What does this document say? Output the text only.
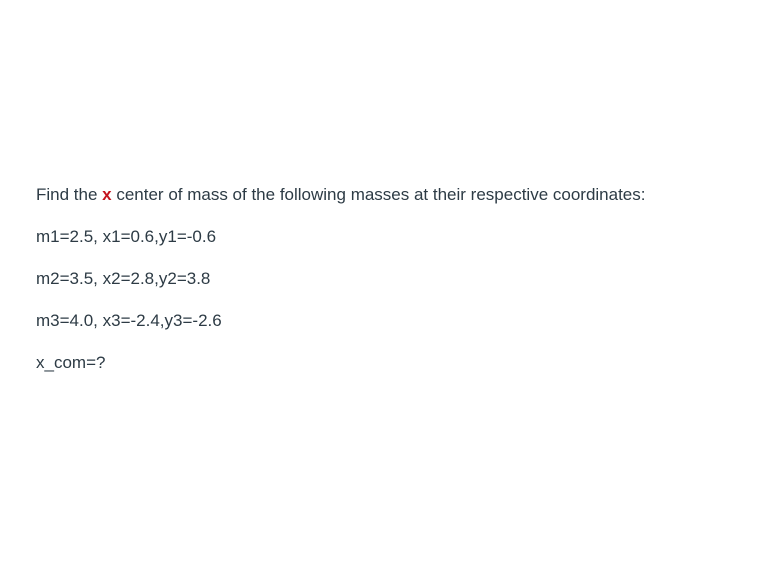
Find the x center of mass of the following masses at their respective coordinates:

m1=2.5, x1=0.6,y1=-0.6

m2=3.5, x2=2.8,y2=3.8

m3=4.0, x3=-2.4,y3=-2.6

x_com=?
